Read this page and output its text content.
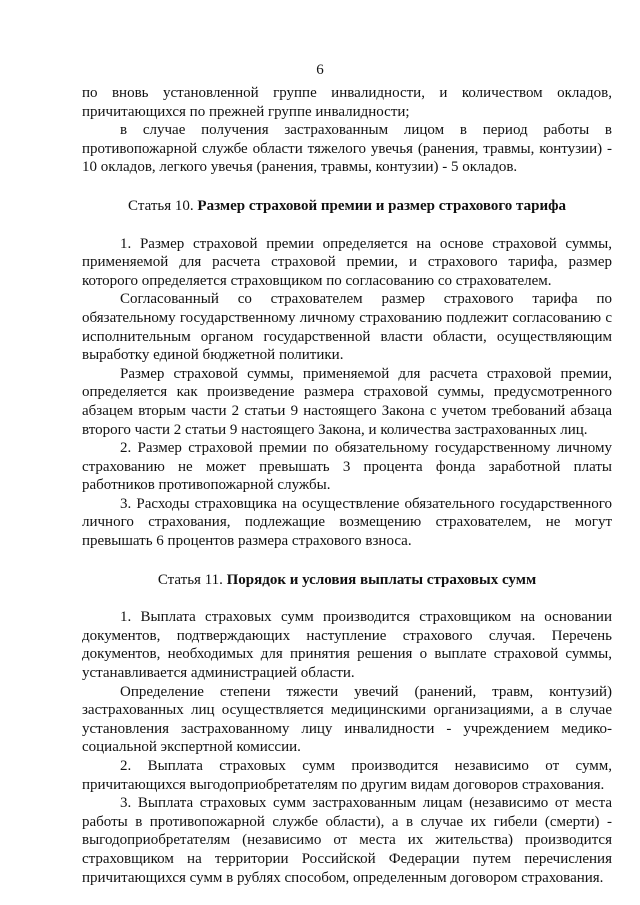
6

по вновь установленной группе инвалидности, и количеством окладов, причитающихся по прежней группе инвалидности;

в случае получения застрахованным лицом в период работы в противопожарной службе области тяжелого увечья (ранения, травмы, контузии) - 10 окладов, легкого увечья (ранения, травмы, контузии) - 5 окладов.

Статья 10. Размер страховой премии и размер страхового тарифа

1. Размер страховой премии определяется на основе страховой суммы, применяемой для расчета страховой премии, и страхового тарифа, размер которого определяется страховщиком по согласованию со страхователем.

Согласованный со страхователем размер страхового тарифа по обязательному государственному личному страхованию подлежит согласованию с исполнительным органом государственной власти области, осуществляющим выработку единой бюджетной политики.

Размер страховой суммы, применяемой для расчета страховой премии, определяется как произведение размера страховой суммы, предусмотренного абзацем вторым части 2 статьи 9 настоящего Закона с учетом требований абзаца второго части 2 статьи 9 настоящего Закона, и количества застрахованных лиц.

2. Размер страховой премии по обязательному государственному личному страхованию не может превышать 3 процента фонда заработной платы работников противопожарной службы.

3. Расходы страховщика на осуществление обязательного государственного личного страхования, подлежащие возмещению страхователем, не могут превышать 6 процентов размера страхового взноса.

Статья 11. Порядок и условия выплаты страховых сумм

1. Выплата страховых сумм производится страховщиком на основании документов, подтверждающих наступление страхового случая. Перечень документов, необходимых для принятия решения о выплате страховой суммы, устанавливается администрацией области.

Определение степени тяжести увечий (ранений, травм, контузий) застрахованных лиц осуществляется медицинскими организациями, а в случае установления застрахованному лицу инвалидности - учреждением медико-социальной экспертной комиссии.

2. Выплата страховых сумм производится независимо от сумм, причитающихся выгодоприобретателям по другим видам договоров страхования.

3. Выплата страховых сумм застрахованным лицам (независимо от места работы в противопожарной службе области), а в случае их гибели (смерти) - выгодоприобретателям (независимо от места их жительства) производится страховщиком на территории Российской Федерации путем перечисления причитающихся сумм в рублях способом, определенным договором страхования.
